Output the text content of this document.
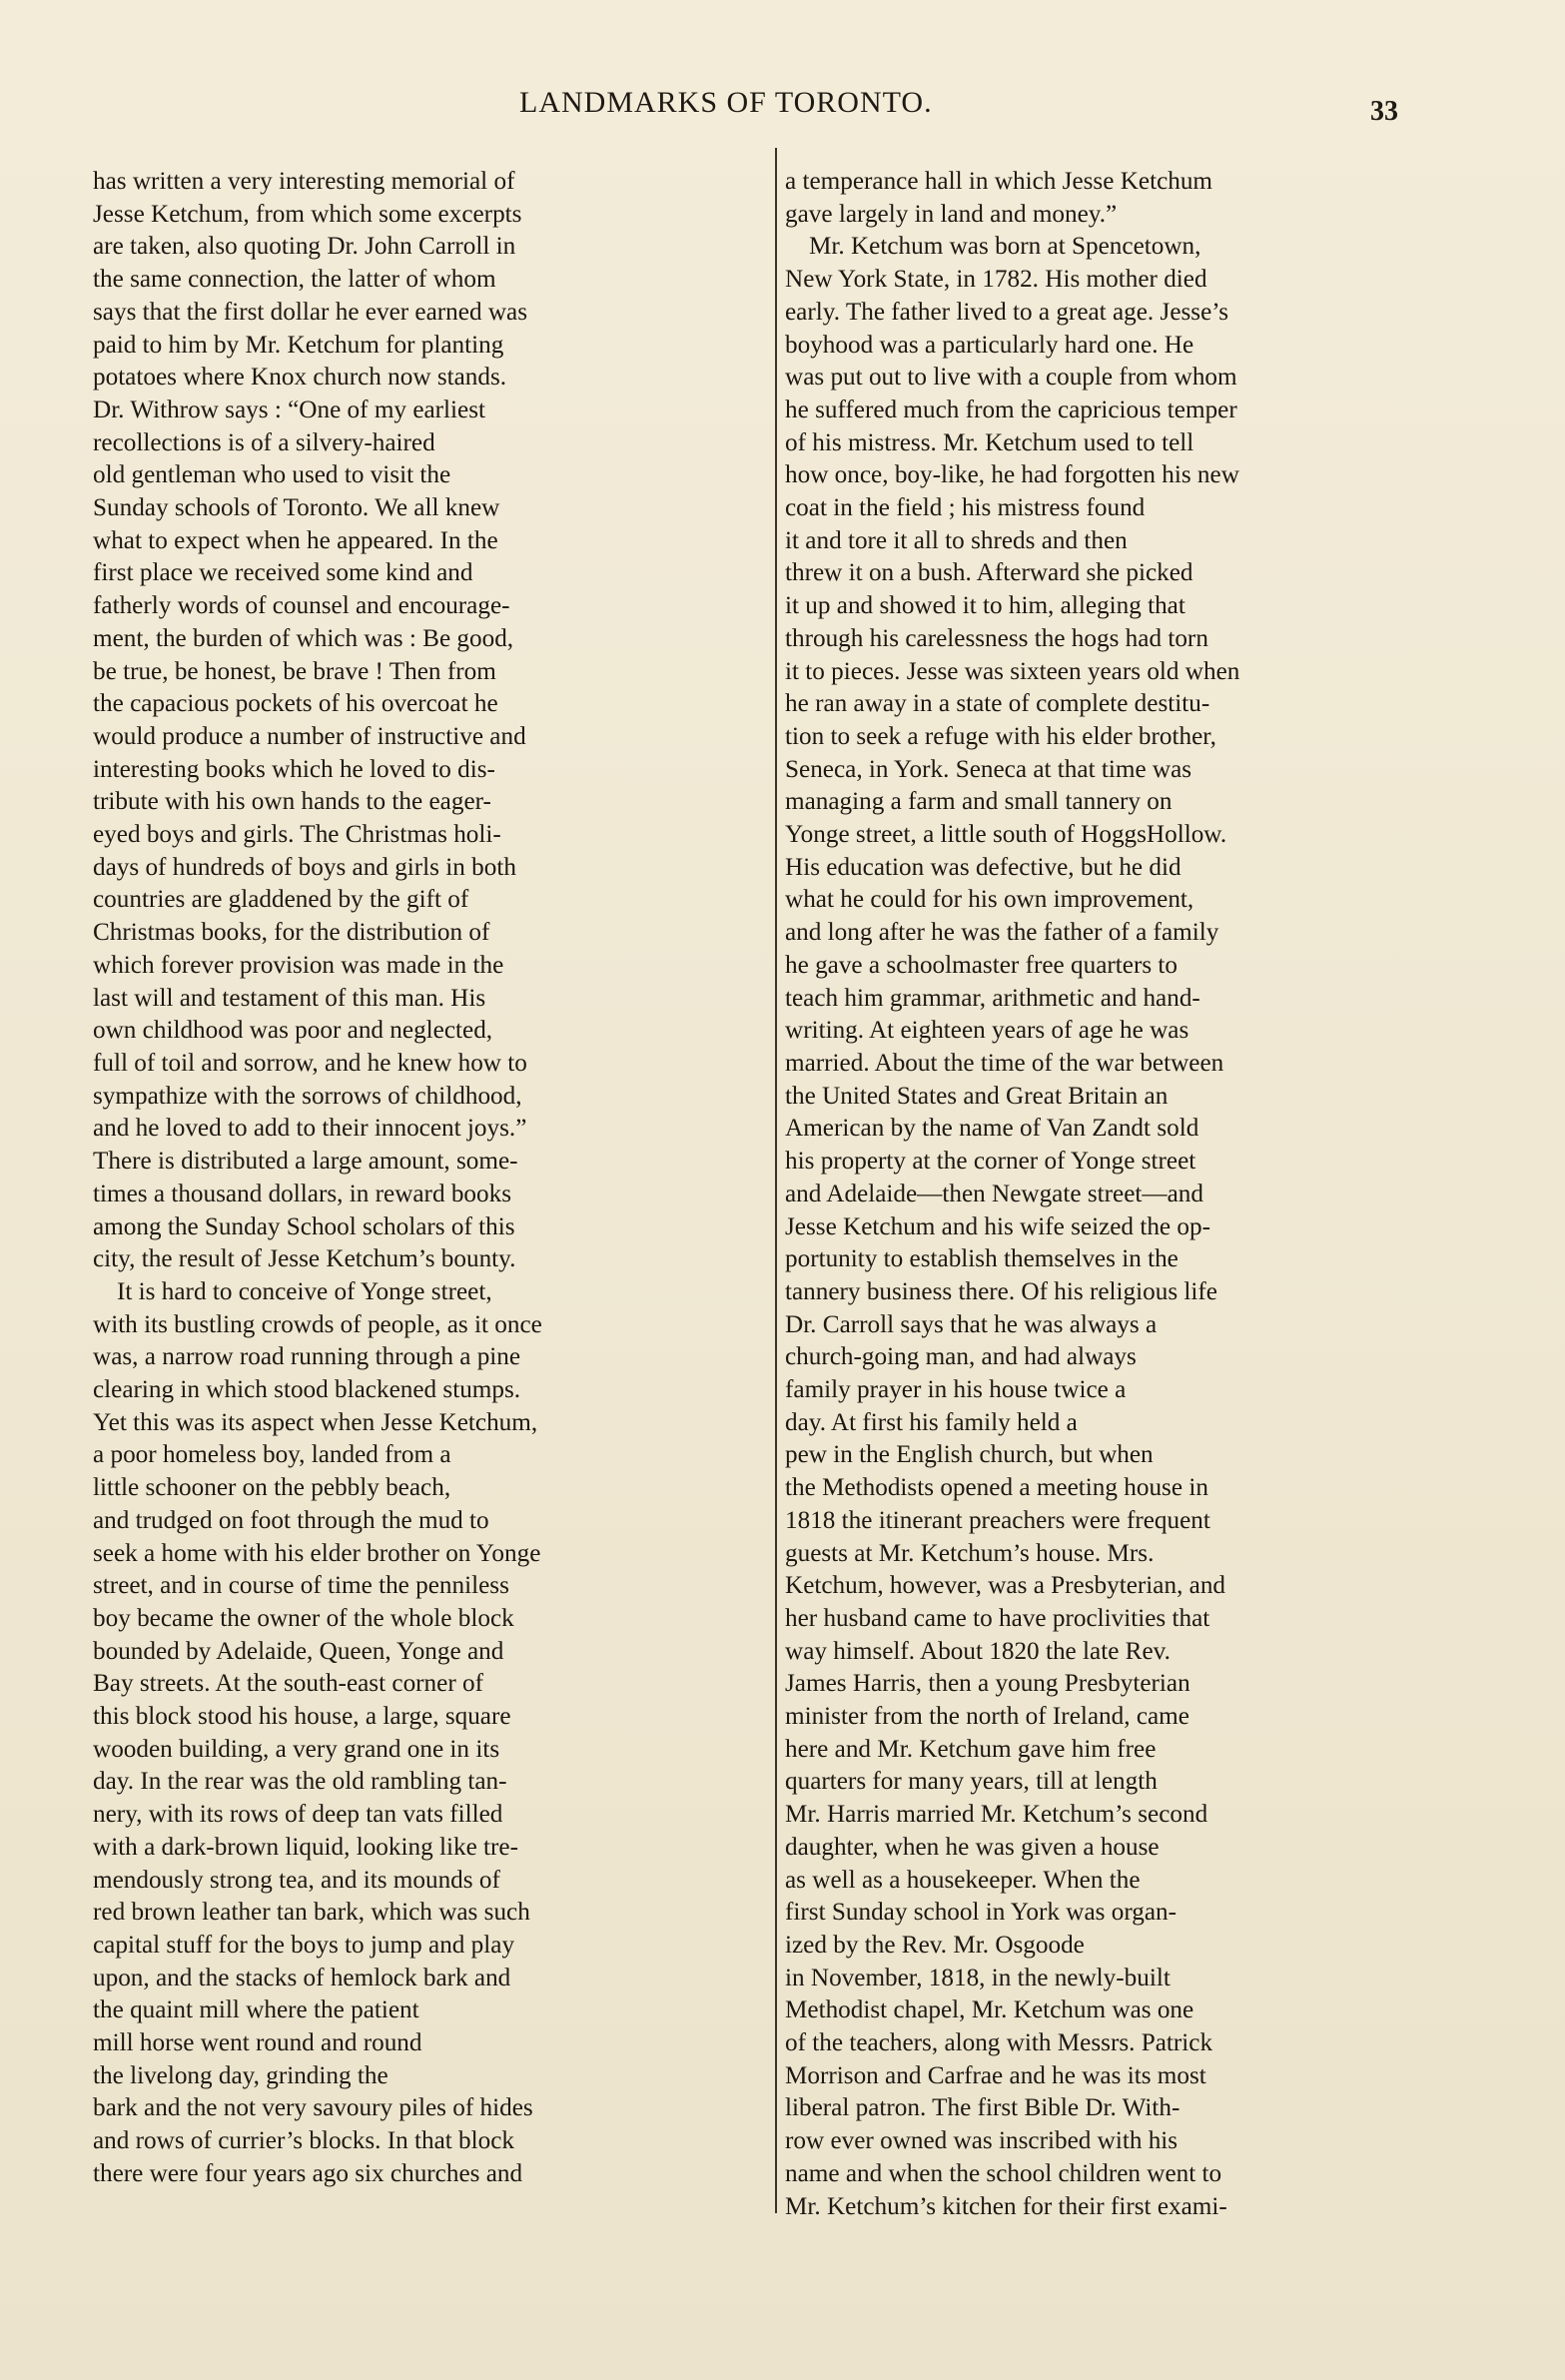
LANDMARKS OF TORONTO.	33

has written a very interesting memorial of
Jesse Ketchum, from which some excerpts
are taken, also quoting Dr. John Carroll in
the same connection, the latter of whom
says that the first dollar he ever earned was
paid to him by Mr. Ketchum for planting
potatoes where Knox church now stands.
Dr. Withrow says : “One of my earliest
recollections is of a silvery-haired
old gentleman who used to visit the
Sunday schools of Toronto. We all knew
what to expect when he appeared. In the
first place we received some kind and
fatherly words of counsel and encourage-
ment, the burden of which was : Be good,
be true, be honest, be brave ! Then from
the capacious pockets of his overcoat he
would produce a number of instructive and
interesting books which he loved to dis-
tribute with his own hands to the eager-
eyed boys and girls. The Christmas holi-
days of hundreds of boys and girls in both
countries are gladdened by the gift of
Christmas books, for the distribution of
which forever provision was made in the
last will and testament of this man. His
own childhood was poor and neglected,
full of toil and sorrow, and he knew how to
sympathize with the sorrows of childhood,
and he loved to add to their innocent joys.”
There is distributed a large amount, some-
times a thousand dollars, in reward books
among the Sunday School scholars of this
city, the result of Jesse Ketchum’s bounty.

It is hard to conceive of Yonge street,
with its bustling crowds of people, as it once
was, a narrow road running through a pine
clearing in which stood blackened stumps.
Yet this was its aspect when Jesse Ketchum,
a poor homeless boy, landed from a
little schooner on the pebbly beach,
and trudged on foot through the mud to
seek a home with his elder brother on Yonge
street, and in course of time the penniless
boy became the owner of the whole block
bounded by Adelaide, Queen, Yonge and
Bay streets. At the south-east corner of
this block stood his house, a large, square
wooden building, a very grand one in its
day. In the rear was the old rambling tan-
nery, with its rows of deep tan vats filled
with a dark-brown liquid, looking like tre-
mendously strong tea, and its mounds of
red brown leather tan bark, which was such
capital stuff for the boys to jump and play
upon, and the stacks of hemlock bark and
the quaint mill where the patient
mill horse went round and round
the livelong day, grinding the
bark and the not very savoury piles of hides
and rows of currier’s blocks. In that block
there were four years ago six churches and

a temperance hall in which Jesse Ketchum
gave largely in land and money.”

Mr. Ketchum was born at Spencetown,
New York State, in 1782. His mother died
early. The father lived to a great age. Jesse’s
boyhood was a particularly hard one. He
was put out to live with a couple from whom
he suffered much from the capricious temper
of his mistress. Mr. Ketchum used to tell
how once, boy-like, he had forgotten his new
coat in the field ; his mistress found
it and tore it all to shreds and then
threw it on a bush. Afterward she picked
it up and showed it to him, alleging that
through his carelessness the hogs had torn
it to pieces. Jesse was sixteen years old when
he ran away in a state of complete destitu-
tion to seek a refuge with his elder brother,
Seneca, in York. Seneca at that time was
managing a farm and small tannery on
Yonge street, a little south of HoggsHollow.
His education was defective, but he did
what he could for his own improvement,
and long after he was the father of a family
he gave a schoolmaster free quarters to
teach him grammar, arithmetic and hand-
writing. At eighteen years of age he was
married. About the time of the war between
the United States and Great Britain an
American by the name of Van Zandt sold
his property at the corner of Yonge street
and Adelaide—then Newgate street—and
Jesse Ketchum and his wife seized the op-
portunity to establish themselves in the
tannery business there. Of his religious life
Dr. Carroll says that he was always a
church-going man, and had always
family prayer in his house twice a
day. At first his family held a
pew in the English church, but when
the Methodists opened a meeting house in
1818 the itinerant preachers were frequent
guests at Mr. Ketchum’s house. Mrs.
Ketchum, however, was a Presbyterian, and
her husband came to have proclivities that
way himself. About 1820 the late Rev.
James Harris, then a young Presbyterian
minister from the north of Ireland, came
here and Mr. Ketchum gave him free
quarters for many years, till at length
Mr. Harris married Mr. Ketchum’s second
daughter, when he was given a house
as well as a housekeeper. When the
first Sunday school in York was organ-
ized by the Rev. Mr. Osgoode
in November, 1818, in the newly-built
Methodist chapel, Mr. Ketchum was one
of the teachers, along with Messrs. Patrick
Morrison and Carfrae and he was its most
liberal patron. The first Bible Dr. With-
row ever owned was inscribed with his
name and when the school children went to
Mr. Ketchum’s kitchen for their first exami-
